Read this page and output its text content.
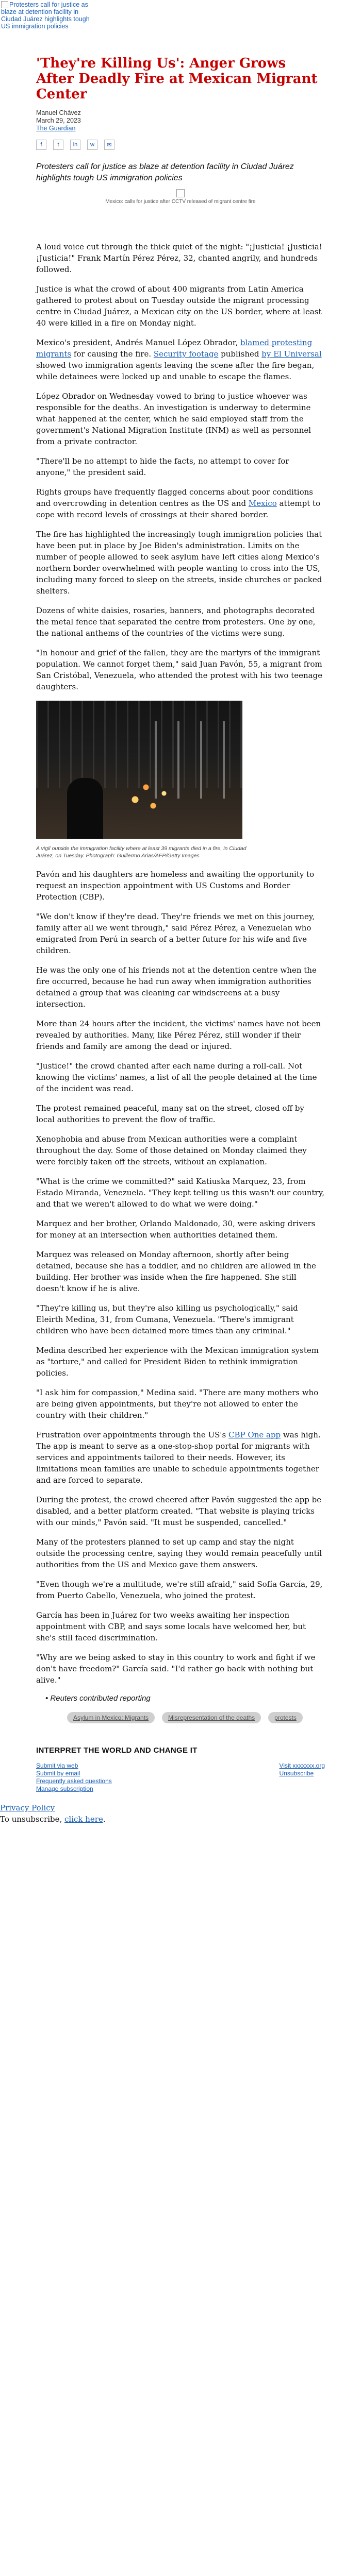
Protesters call for justice as blaze at detention facility in Ciudad Juárez highlights tough US immigration policies
'They're Killing Us': Anger Grows After Deadly Fire at Mexican Migrant Center
Manuel Chávez
March 29, 2023
The Guardian
f	t	in	w	✉

Protesters call for justice as blaze at detention facility in Ciudad Juárez highlights tough US immigration policies

Mexico: calls for justice after CCTV released of migrant centre fire

A loud voice cut through the thick quiet of the night: "¡Justicia! ¡Justicia! ¡Justicia!" Frank Martín Pérez Pérez, 32, chanted angrily, and hundreds followed.

Justice is what the crowd of about 400 migrants from Latin America gathered to protest about on Tuesday outside the migrant processing centre in Ciudad Juárez, a Mexican city on the US border, where at least 40 were killed in a fire on Monday night.

Mexico's president, Andrés Manuel López Obrador, blamed protesting migrants for causing the fire. Security footage published by El Universal showed two immigration agents leaving the scene after the fire began, while detainees were locked up and unable to escape the flames.

López Obrador on Wednesday vowed to bring to justice whoever was responsible for the deaths. An investigation is underway to determine what happened at the center, which he said employed staff from the government's National Migration Institute (INM) as well as personnel from a private contractor.

"There'll be no attempt to hide the facts, no attempt to cover for anyone," the president said.

Rights groups have frequently flagged concerns about poor conditions and overcrowding in detention centres as the US and Mexico attempt to cope with record levels of crossings at their shared border.

The fire has highlighted the increasingly tough immigration policies that have been put in place by Joe Biden's administration. Limits on the number of people allowed to seek asylum have left cities along Mexico's northern border overwhelmed with people wanting to cross into the US, including many forced to sleep on the streets, inside churches or packed shelters.

Dozens of white daisies, rosaries, banners, and photographs decorated the metal fence that separated the centre from protesters. One by one, the national anthems of the countries of the victims were sung.

"In honour and grief of the fallen, they are the martyrs of the immigrant population. We cannot forget them," said Juan Pavón, 55, a migrant from San Cristóbal, Venezuela, who attended the protest with his two teenage daughters.

A vigil outside the immigration facility where at least 39 migrants died in a fire, in Ciudad Juárez, on Tuesday. Photograph: Guillermo Arias/AFP/Getty Images

Pavón and his daughters are homeless and awaiting the opportunity to request an inspection appointment with US Customs and Border Protection (CBP).

"We don't know if they're dead. They're friends we met on this journey, family after all we went through," said Pérez Pérez, a Venezuelan who emigrated from Perú in search of a better future for his wife and five children.

He was the only one of his friends not at the detention centre when the fire occurred, because he had run away when immigration authorities detained a group that was cleaning car windscreens at a busy intersection.

More than 24 hours after the incident, the victims' names have not been revealed by authorities. Many, like Pérez Pérez, still wonder if their friends and family are among the dead or injured.

"Justice!" the crowd chanted after each name during a roll-call. Not knowing the victims' names, a list of all the people detained at the time of the incident was read.

The protest remained peaceful, many sat on the street, closed off by local authorities to prevent the flow of traffic.

Xenophobia and abuse from Mexican authorities were a complaint throughout the day. Some of those detained on Monday claimed they were forcibly taken off the streets, without an explanation.

"What is the crime we committed?" said Katiuska Marquez, 23, from Estado Miranda, Venezuela. "They kept telling us this wasn't our country, and that we weren't allowed to do what we were doing."

Marquez and her brother, Orlando Maldonado, 30, were asking drivers for money at an intersection when authorities detained them.

Marquez was released on Monday afternoon, shortly after being detained, because she has a toddler, and no children are allowed in the building. Her brother was inside when the fire happened. She still doesn't know if he is alive.

"They're killing us, but they're also killing us psychologically," said Eleirth Medina, 31, from Cumana, Venezuela. "There's immigrant children who have been detained more times than any criminal."

Medina described her experience with the Mexican immigration system as "torture," and called for President Biden to rethink immigration policies.

"I ask him for compassion," Medina said. "There are many mothers who are being given appointments, but they're not allowed to enter the country with their children."

Frustration over appointments through the US's CBP One app was high. The app is meant to serve as a one-stop-shop portal for migrants with services and appointments tailored to their needs. However, its limitations mean families are unable to schedule appointments together and are forced to separate.

During the protest, the crowd cheered after Pavón suggested the app be disabled, and a better platform created. "That website is playing tricks with our minds," Pavón said. "It must be suspended, cancelled."

Many of the protesters planned to set up camp and stay the night outside the processing centre, saying they would remain peacefully until authorities from the US and Mexico gave them answers.

"Even though we're a multitude, we're still afraid," said Sofía García, 29, from Puerto Cabello, Venezuela, who joined the protest.

García has been in Juárez for two weeks awaiting her inspection appointment with CBP, and says some locals have welcomed her, but she's still faced discrimination.

"Why are we being asked to stay in this country to work and fight if we don't have freedom?" García said. "I'd rather go back with nothing but alive."

• Reuters contributed reporting
Asylum in Mexico: Migrants	Misrepresentation of the deaths	protests
INTERPRET THE WORLD AND CHANGE IT
Submit via web
Submit by email
Frequently asked questions
Manage subscription
Visit xxxxxxx.org
Unsubscribe
Privacy Policy
To unsubscribe, click here.
